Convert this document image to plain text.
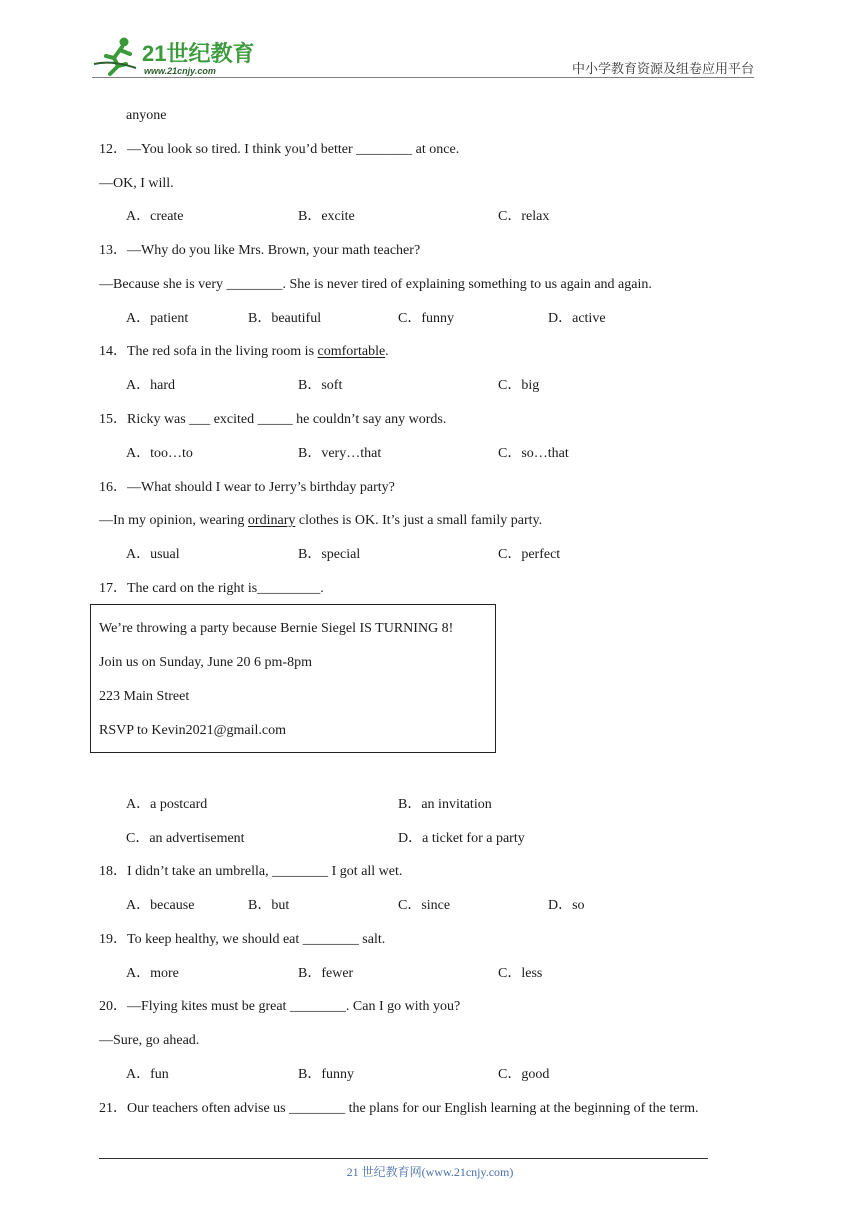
21世纪教育
www.21cnjy.com	中小学教育资源及组卷应用平台
anyone
12．—You look so tired. I think you’d better ________ at once.
—OK, I will.
A．create	B．excite	C．relax
13．—Why do you like Mrs. Brown, your math teacher?
—Because she is very ________. She is never tired of explaining something to us again and again.
A．patient	B．beautiful	C．funny	D．active
14．The red sofa in the living room is comfortable.
A．hard	B．soft	C．big
15．Ricky was ___ excited _____ he couldn’t say any words.
A．too…to	B．very…that	C．so…that
16．—What should I wear to Jerry’s birthday party?
—In my opinion, wearing ordinary clothes is OK. It’s just a small family party.
A．usual	B．special	C．perfect
17．The card on the right is_________.
We’re throwing a party because Bernie Siegel IS TURNING 8!
Join us on Sunday, June 20 6 pm-8pm
223 Main Street
RSVP to Kevin2021@gmail.com
A．a postcard	B．an invitation
C．an advertisement	D．a ticket for a party
18．I didn’t take an umbrella, ________ I got all wet.
A．because	B．but	C．since	D．so
19．To keep healthy, we should eat ________ salt.
A．more	B．fewer	C．less
20．—Flying kites must be great ________. Can I go with you?
—Sure, go ahead.
A．fun	B．funny	C．good
21．Our teachers often advise us ________ the plans for our English learning at the beginning of the term.
21 世纪教育网(www.21cnjy.com)
